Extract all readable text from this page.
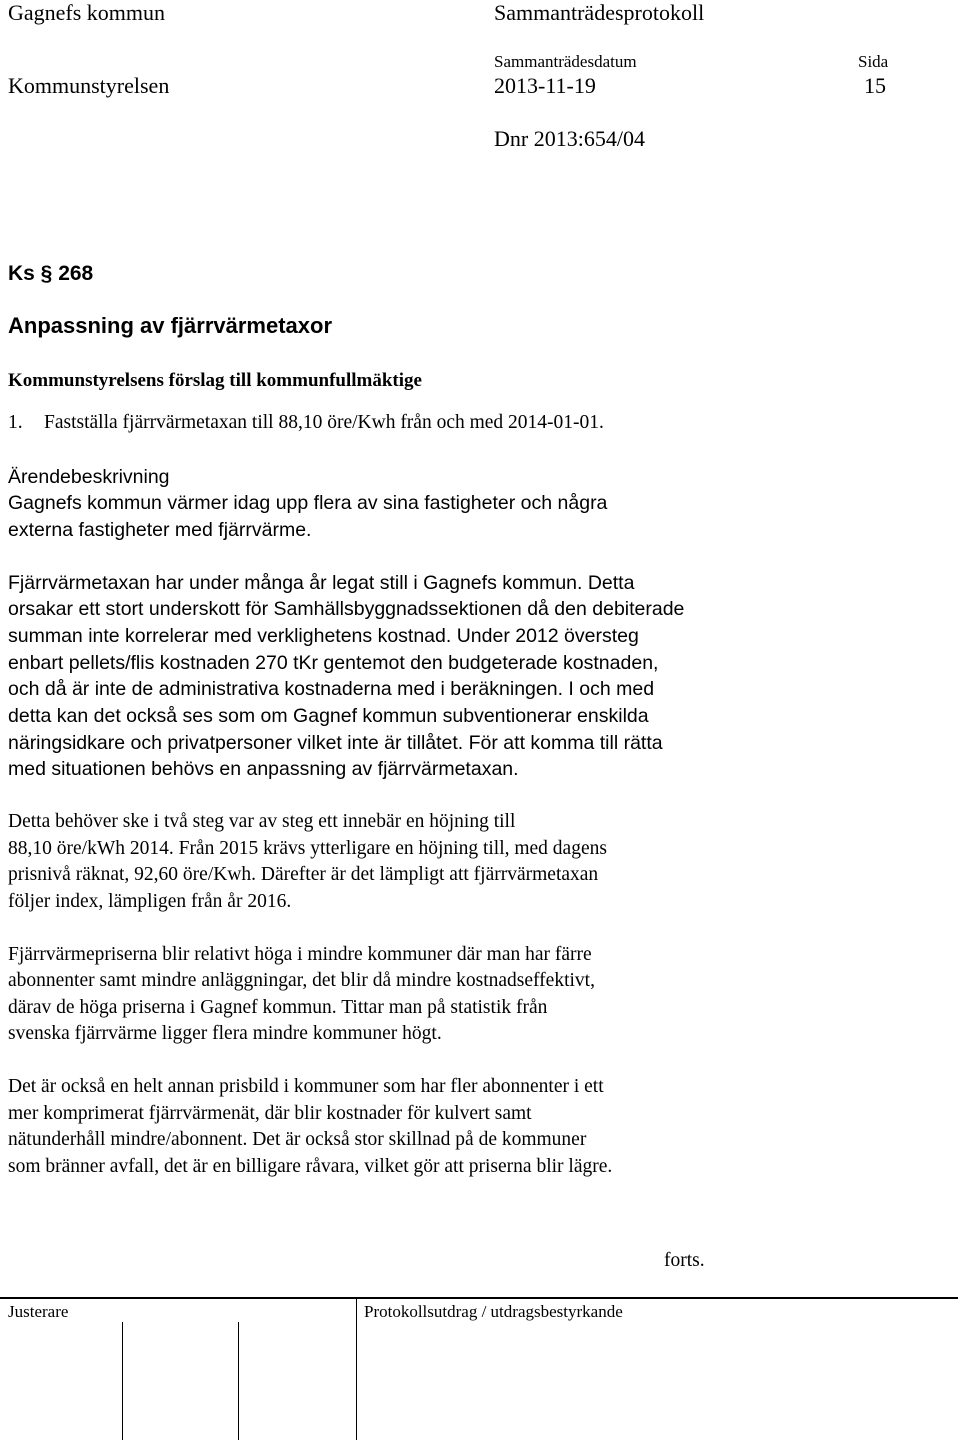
Gagnefs kommun	Sammanträdesprotokoll
Sammanträdesdatum	Sida
Kommunstyrelsen	2013-11-19	15
Dnr 2013:654/04
Ks § 268
Anpassning av fjärrvärmetaxor
Kommunstyrelsens förslag till kommunfullmäktige
1. Fastställa fjärrvärmetaxan till 88,10 öre/Kwh från och med 2014-01-01.
Ärendebeskrivning
Gagnefs kommun värmer idag upp flera av sina fastigheter och några
externa fastigheter med fjärrvärme.
Fjärrvärmetaxan har under många år legat still i Gagnefs kommun. Detta
orsakar ett stort underskott för Samhällsbyggnadssektionen då den debiterade
summan inte korrelerar med verklighetens kostnad. Under 2012 översteg
enbart pellets/flis kostnaden 270 tKr gentemot den budgeterade kostnaden,
och då är inte de administrativa kostnaderna med i beräkningen. I och med
detta kan det också ses som om Gagnef kommun subventionerar enskilda
näringsidkare och privatpersoner vilket inte är tillåtet. För att komma till rätta
med situationen behövs en anpassning av fjärrvärmetaxan.
Detta behöver ske i två steg var av steg ett innebär en höjning till
88,10 öre/kWh 2014. Från 2015 krävs ytterligare en höjning till, med dagens
prisnivå räknat, 92,60 öre/Kwh. Därefter är det lämpligt att fjärrvärmetaxan
följer index, lämpligen från år 2016.
Fjärrvärmepriserna blir relativt höga i mindre kommuner där man har färre
abonnenter samt mindre anläggningar, det blir då mindre kostnadseffektivt,
därav de höga priserna i Gagnef kommun. Tittar man på statistik från
svenska fjärrvärme ligger flera mindre kommuner högt.
Det är också en helt annan prisbild i kommuner som har fler abonnenter i ett
mer komprimerat fjärrvärmenät, där blir kostnader för kulvert samt
nätunderhåll mindre/abonnent. Det är också stor skillnad på de kommuner
som bränner avfall, det är en billigare råvara, vilket gör att priserna blir lägre.
forts.
Justerare	Protokollsutdrag / utdragsbestyrkande
